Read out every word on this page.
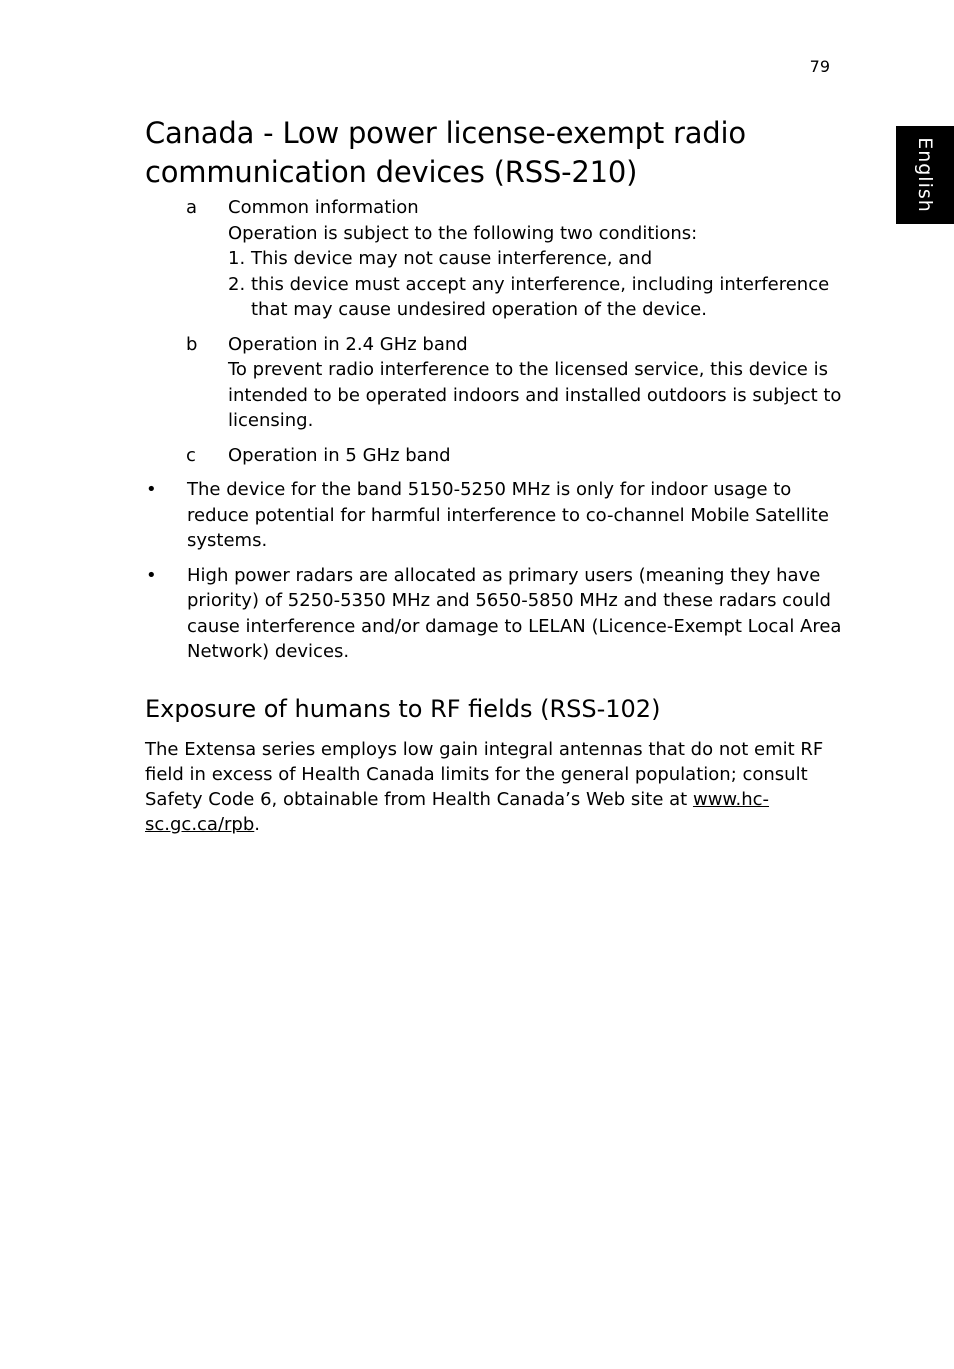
79
English
Canada - Low power license-exempt radio communication devices (RSS-210)
a	Common information
Operation is subject to the following two conditions:
1. This device may not cause interference, and
2. this device must accept any interference, including interference that may cause undesired operation of the device.
b	Operation in 2.4 GHz band
To prevent radio interference to the licensed service, this device is intended to be operated indoors and installed outdoors is subject to licensing.
c	Operation in 5 GHz band
•	The device for the band 5150-5250 MHz is only for indoor usage to reduce potential for harmful interference to co-channel Mobile Satellite systems.
•	High power radars are allocated as primary users (meaning they have priority) of 5250-5350 MHz and 5650-5850 MHz and these radars could cause interference and/or damage to LELAN (Licence-Exempt Local Area Network) devices.
Exposure of humans to RF fields (RSS-102)

The Extensa series employs low gain integral antennas that do not emit RF field in excess of Health Canada limits for the general population; consult Safety Code 6, obtainable from Health Canada’s Web site at www.hc-sc.gc.ca/rpb.
